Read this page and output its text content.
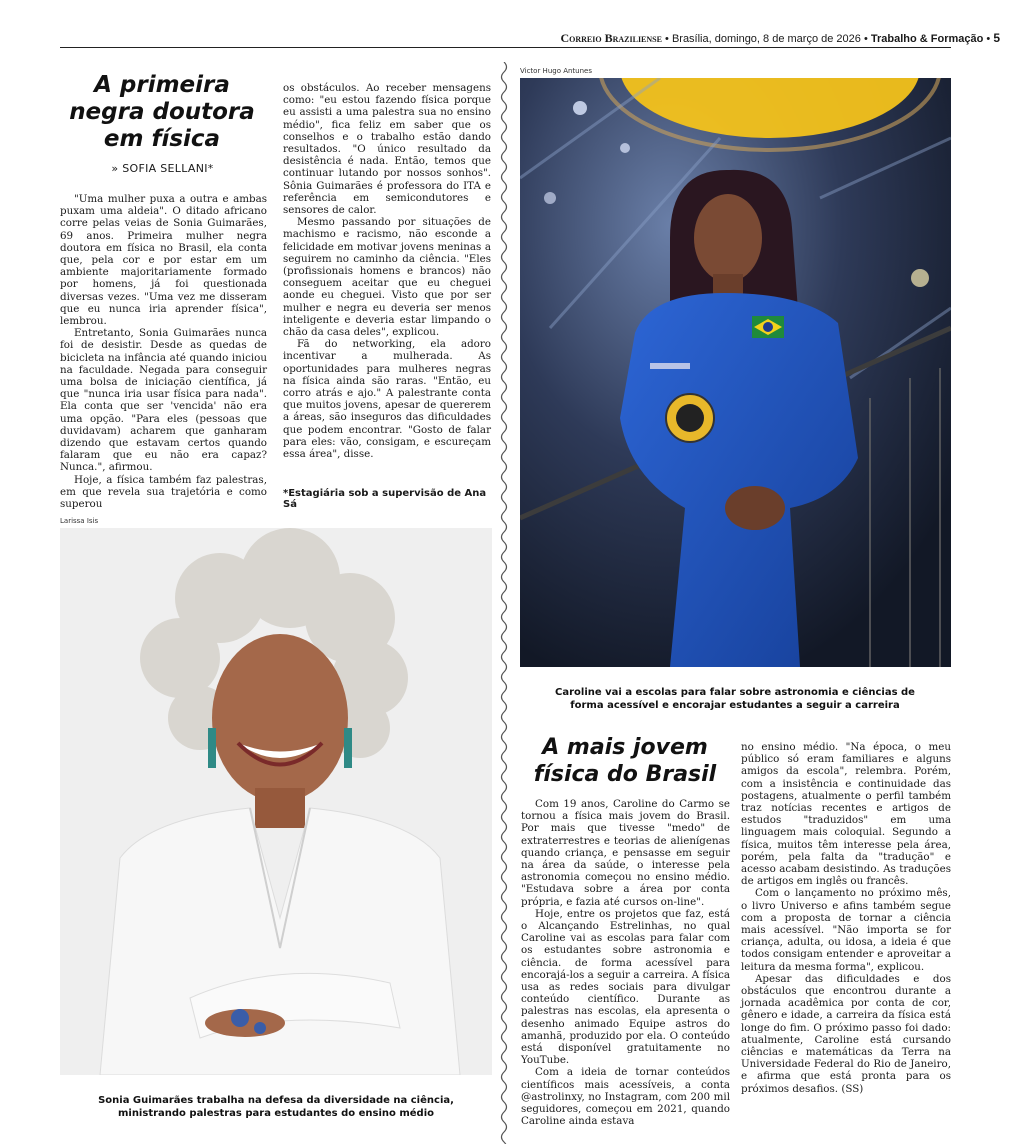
Correio Braziliense • Brasília, domingo, 8 de março de 2026 • Trabalho & Formação • 5
A primeira
negra doutora
em física
» SOFIA SELLANI*

"Uma mulher puxa a outra e ambas puxam uma aldeia". O ditado africano corre pelas veias de Sonia Guimarães, 69 anos. Primeira mulher negra doutora em física no Brasil, ela conta que, pela cor e por estar em um ambiente majoritariamente formado por homens, já foi questionada diversas vezes. "Uma vez me disseram que eu nunca iria aprender física", lembrou.

Entretanto, Sonia Guimarães nunca foi de desistir. Desde as quedas de bicicleta na infância até quando iniciou na faculdade. Negada para conseguir uma bolsa de iniciação científica, já que "nunca iria usar física para nada". Ela conta que ser 'vencida' não era uma opção. "Para eles (pessoas que duvidavam) acharem que ganharam dizendo que estavam certos quando falaram que eu não era capaz? Nunca.", afirmou.

Hoje, a física também faz palestras, em que revela sua trajetória e como superou

os obstáculos. Ao receber mensagens como: "eu estou fazendo física porque eu assisti a uma palestra sua no ensino médio", fica feliz em saber que os conselhos e o trabalho estão dando resultados. "O único resultado da desistência é nada. Então, temos que continuar lutando por nossos sonhos". Sônia Guimarães é professora do ITA e referência em semicondutores e sensores de calor.

Mesmo passando por situações de machismo e racismo, não esconde a felicidade em motivar jovens meninas a seguirem no caminho da ciência. "Eles (profissionais homens e brancos) não conseguem aceitar que eu cheguei aonde eu cheguei. Visto que por ser mulher e negra eu deveria ser menos inteligente e deveria estar limpando o chão da casa deles", explicou.

Fã do networking, ela adoro incentivar a mulherada. As oportunidades para mulheres negras na física ainda são raras. "Então, eu corro atrás e ajo." A palestrante conta que muitos jovens, apesar de quererem a áreas, são inseguros das dificuldades que podem encontrar. "Gosto de falar para eles: vão, consigam, e escureçam essa área", disse.

*Estagiária sob a supervisão de Ana Sá
Victor Hugo Antunes
Caroline vai a escolas para falar sobre astronomia e ciências de forma acessível e encorajar estudantes a seguir a carreira
Larissa Isis
Sonia Guimarães trabalha na defesa da diversidade na ciência, ministrando palestras para estudantes do ensino médio
A mais jovem
física do Brasil

Com 19 anos, Caroline do Carmo se tornou a física mais jovem do Brasil. Por mais que tivesse "medo" de extraterrestres e teorias de alienígenas quando criança, e pensasse em seguir na área da saúde, o interesse pela astronomia começou no ensino médio. "Estudava sobre a área por conta própria, e fazia até cursos on-line".

Hoje, entre os projetos que faz, está o Alcançando Estrelinhas, no qual Caroline vai as escolas para falar com os estudantes sobre astronomia e ciência. de forma acessível para encorajá-los a seguir a carreira. A física usa as redes sociais para divulgar conteúdo científico. Durante as palestras nas escolas, ela apresenta o desenho animado Equipe astros do amanhã, produzido por ela. O conteúdo está disponível gratuitamente no YouTube.

Com a ideia de tornar conteúdos científicos mais acessíveis, a conta @astrolinxy, no Instagram, com 200 mil seguidores, começou em 2021, quando Caroline ainda estava

no ensino médio. "Na época, o meu público só eram familiares e alguns amigos da escola", relembra. Porém, com a insistência e continuidade das postagens, atualmente o perfil também traz notícias recentes e artigos de estudos "traduzidos" em uma linguagem mais coloquial. Segundo a física, muitos têm interesse pela área, porém, pela falta da "tradução" e acesso acabam desistindo. As traduções de artigos em inglês ou francês.

Com o lançamento no próximo mês, o livro Universo e afins também segue com a proposta de tornar a ciência mais acessível. "Não importa se for criança, adulta, ou idosa, a ideia é que todos consigam entender e aproveitar a leitura da mesma forma", explicou.

Apesar das dificuldades e dos obstáculos que encontrou durante a jornada acadêmica por conta de cor, gênero e idade, a carreira da física está longe do fim. O próximo passo foi dado: atualmente, Caroline está cursando ciências e matemáticas da Terra na Universidade Federal do Rio de Janeiro, e afirma que está pronta para os próximos desafios. (SS)
